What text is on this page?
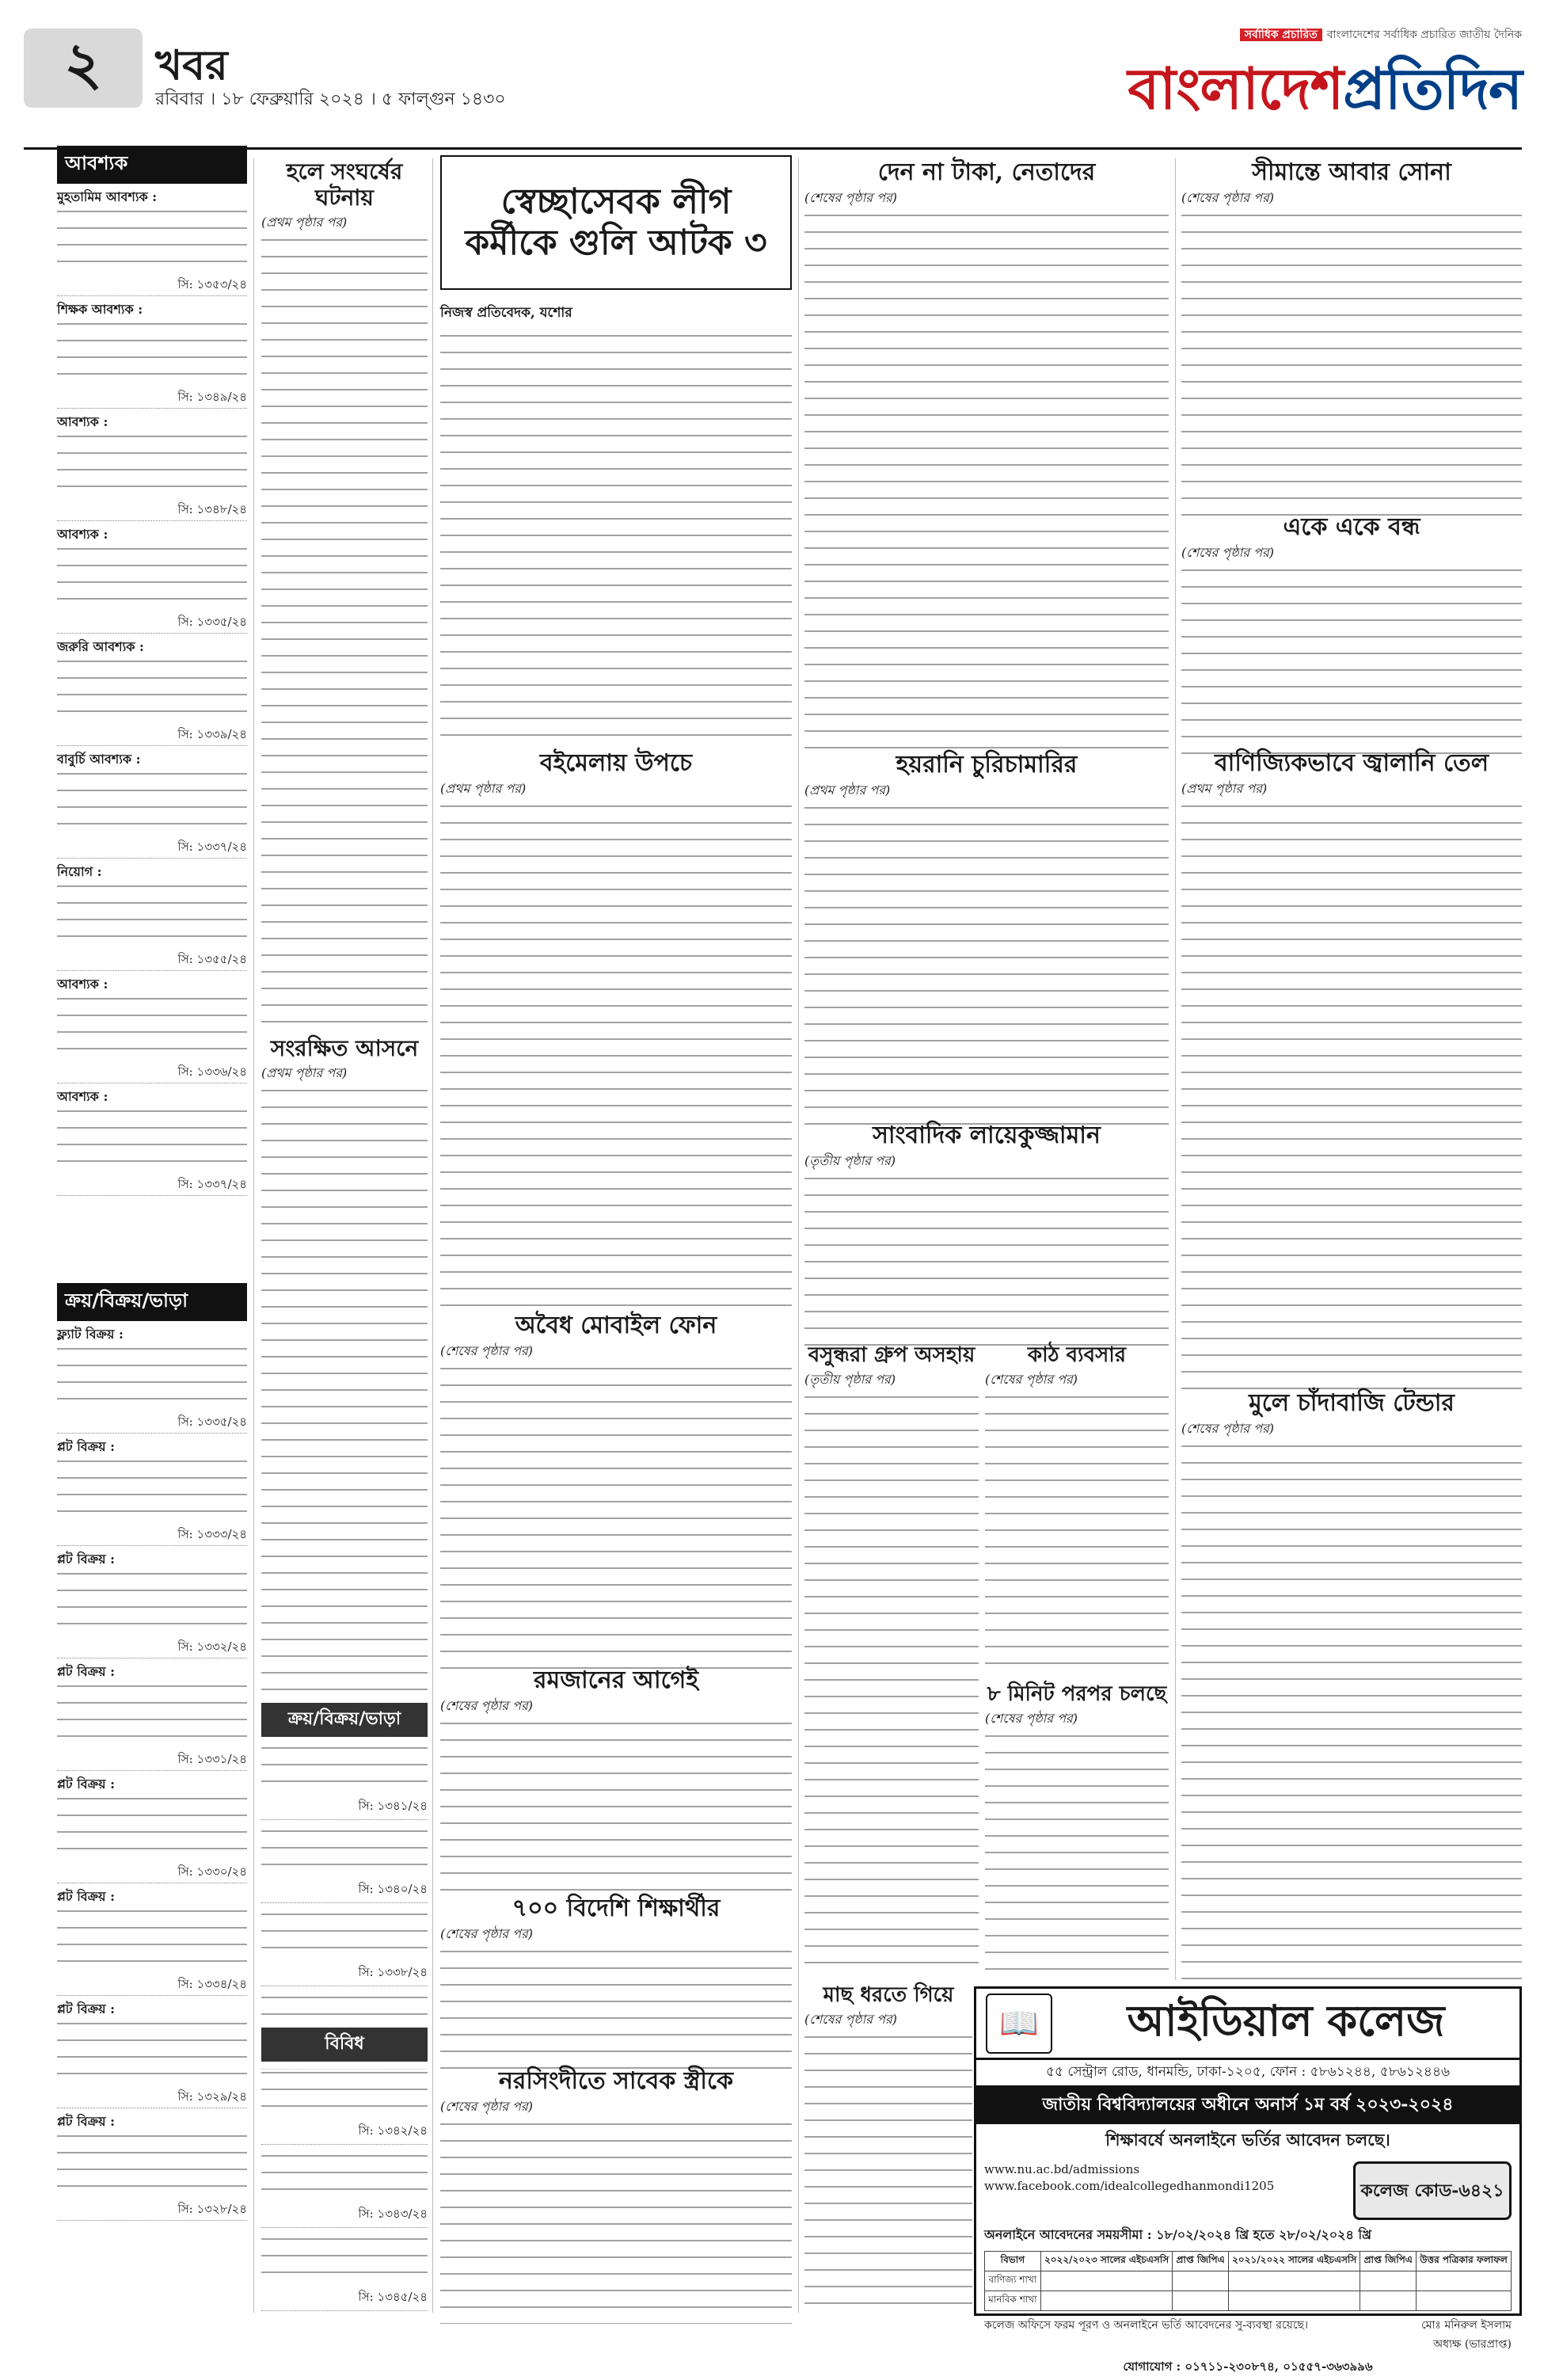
২	খবর
রবিবার । ১৮ ফেব্রুয়ারি ২০২৪ । ৫ ফাল্গুন ১৪৩০
সর্বাধিক প্রচারিত বাংলাদেশের সর্বাধিক প্রচারিত জাতীয় দৈনিক
বাংলাদেশপ্রতিদিন
আবশ্যক
মুহতামিম আবশ্যক :
সি: ১৩৫৩/২৪
শিক্ষক আবশ্যক :
সি: ১৩৪৯/২৪
আবশ্যক :
সি: ১৩৪৮/২৪
আবশ্যক :
সি: ১৩৩৫/২৪
জরুরি আবশ্যক :
সি: ১৩৩৯/২৪
বাবুর্চি আবশ্যক :
সি: ১৩৩৭/২৪
নিয়োগ :
সি: ১৩৫৫/২৪
আবশ্যক :
সি: ১৩৩৬/২৪
আবশ্যক :
সি: ১৩৩৭/২৪
ক্রয়/বিক্রয়/ভাড়া
ফ্ল্যাট বিক্রয় :
সি: ১৩৩৫/২৪
প্লট বিক্রয় :
সি: ১৩৩৩/২৪
প্লট বিক্রয় :
সি: ১৩৩২/২৪
প্লট বিক্রয় :
সি: ১৩৩১/২৪
প্লট বিক্রয় :
সি: ১৩৩০/২৪
প্লট বিক্রয় :
সি: ১৩৩৪/২৪
প্লট বিক্রয় :
সি: ১৩২৯/২৪
প্লট বিক্রয় :
সি: ১৩২৮/২৪
হলে সংঘর্ষের ঘটনায়
(প্রথম পৃষ্ঠার পর)
সংরক্ষিত আসনে
(প্রথম পৃষ্ঠার পর)
ক্রয়/বিক্রয়/ভাড়া
সি: ১৩৪১/২৪
সি: ১৩৪০/২৪
সি: ১৩৩৮/২৪
বিবিধ
সি: ১৩৪২/২৪
সি: ১৩৪৩/২৪
সি: ১৩৪৫/২৪
স্বেচ্ছাসেবক লীগ কর্মীকে গুলি আটক ৩
নিজস্ব প্রতিবেদক, যশোর
বইমেলায় উপচে
(প্রথম পৃষ্ঠার পর)
অবৈধ মোবাইল ফোন
(শেষের পৃষ্ঠার পর)
রমজানের আগেই
(শেষের পৃষ্ঠার পর)
৭০০ বিদেশি শিক্ষার্থীর
(শেষের পৃষ্ঠার পর)
নরসিংদীতে সাবেক স্ত্রীকে
(শেষের পৃষ্ঠার পর)
দেন না টাকা, নেতাদের
(শেষের পৃষ্ঠার পর)
হয়রানি চুরিচামারির
(প্রথম পৃষ্ঠার পর)
সাংবাদিক লায়েকুজ্জামান
(তৃতীয় পৃষ্ঠার পর)
বসুন্ধরা গ্রুপ অসহায়
(তৃতীয় পৃষ্ঠার পর)
মাছ ধরতে গিয়ে
(শেষের পৃষ্ঠার পর)
কাঠ ব্যবসার
(শেষের পৃষ্ঠার পর)
৮ মিনিট পরপর চলছে
(শেষের পৃষ্ঠার পর)
সীমান্তে আবার সোনা
(শেষের পৃষ্ঠার পর)
একে একে বন্ধ
(শেষের পৃষ্ঠার পর)
বাণিজ্যিকভাবে জ্বালানি তেল
(প্রথম পৃষ্ঠার পর)
মুলে চাঁদাবাজি টেন্ডার
(শেষের পৃষ্ঠার পর)
📖	আইডিয়াল কলেজ
৫৫ সেন্ট্রাল রোড, ধানমন্ডি, ঢাকা-১২০৫, ফোন : ৫৮৬১২৪৪, ৫৮৬১২৪৪৬
জাতীয় বিশ্ববিদ্যালয়ের অধীনে অনার্স ১ম বর্ষ ২০২৩-২০২৪
শিক্ষাবর্ষে অনলাইনে ভর্তির আবেদন চলছে।
www.nu.ac.bd/admissions
www.facebook.com/idealcollegedhanmondi1205	কলেজ কোড-৬৪২১
অনলাইনে আবেদনের সময়সীমা : ১৮/০২/২০২৪ খ্রি হতে ২৮/০২/২০২৪ খ্রি
বিভাগ	২০২২/২০২৩ সালের এইচএসসি	প্রাপ্ত জিপিএ	২০২১/২০২২ সালের এইচএসসি	প্রাপ্ত জিপিএ	উত্তর পত্রিকার ফলাফল
বাণিজ্য শাখা					
মানবিক শাখা					
কলেজ অফিসে ফরম পূরণ ও অনলাইনে ভর্তি আবেদনের সু-ব্যবস্থা রয়েছে।	মোঃ মনিরুল ইসলাম
অধ্যক্ষ (ভারপ্রাপ্ত)
যোগাযোগ : ০১৭১১-২৩০৮৭৪, ০১৫৫৭-৩৬৩৯৯৬
